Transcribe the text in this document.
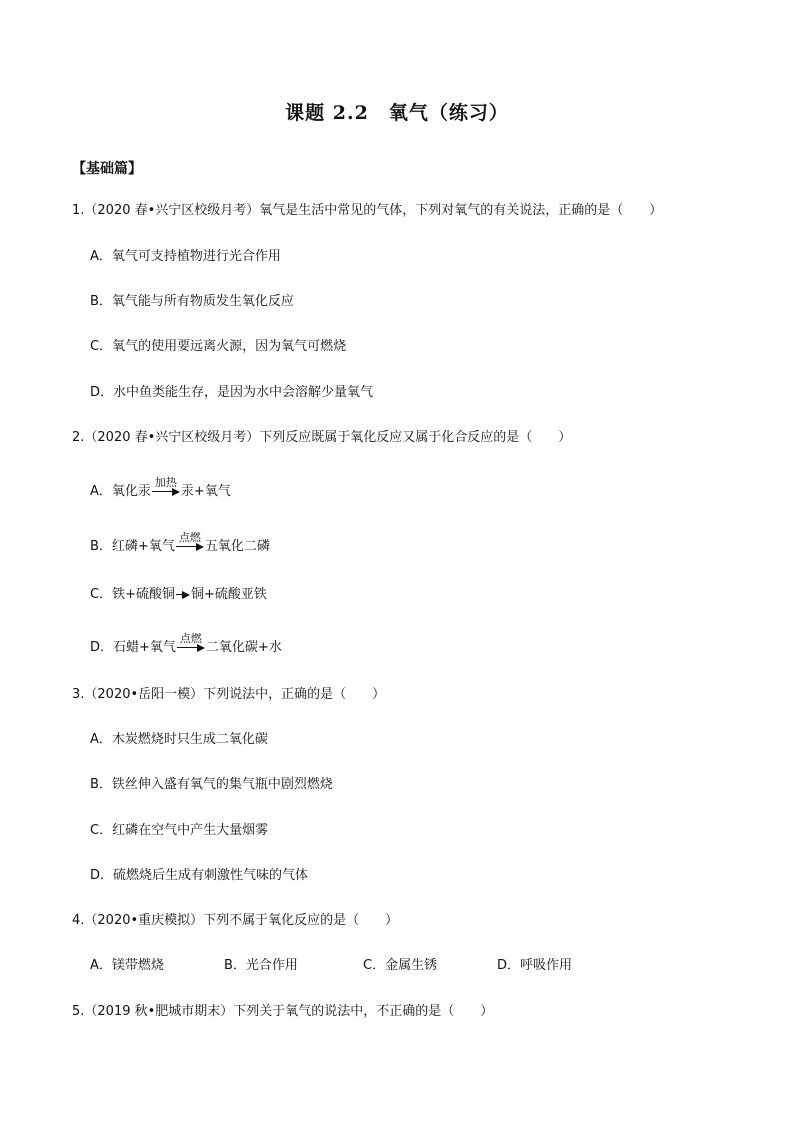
课题 2.2　氧气（练习）
【基础篇】
1.（2020 春•兴宁区校级月考）氧气是生活中常见的气体，下列对氧气的有关说法，正确的是（　　）
A．氧气可支持植物进行光合作用
B．氧气能与所有物质发生氧化反应
C．氧气的使用要远离火源，因为氧气可燃烧
D．水中鱼类能生存，是因为水中会溶解少量氧气
2.（2020 春•兴宁区校级月考）下列反应既属于氧化反应又属于化合反应的是（　　）
A．氧化汞
加热
汞+氧气
B．红磷+氧气
点燃
五氧化二磷
C．铁+硫酸铜 铜+硫酸亚铁
D．石蜡+氧气
点燃
二氧化碳+水
3.（2020•岳阳一模）下列说法中，正确的是（　　）
A．木炭燃烧时只生成二氧化碳
B．铁丝伸入盛有氧气的集气瓶中剧烈燃烧
C．红磷在空气中产生大量烟雾
D．硫燃烧后生成有刺激性气味的气体
4.（2020•重庆模拟）下列不属于氧化反应的是（　　）
A．镁带燃烧	B．光合作用	C．金属生锈	D．呼吸作用
5.（2019 秋•肥城市期末）下列关于氧气的说法中，不正确的是（　　）
